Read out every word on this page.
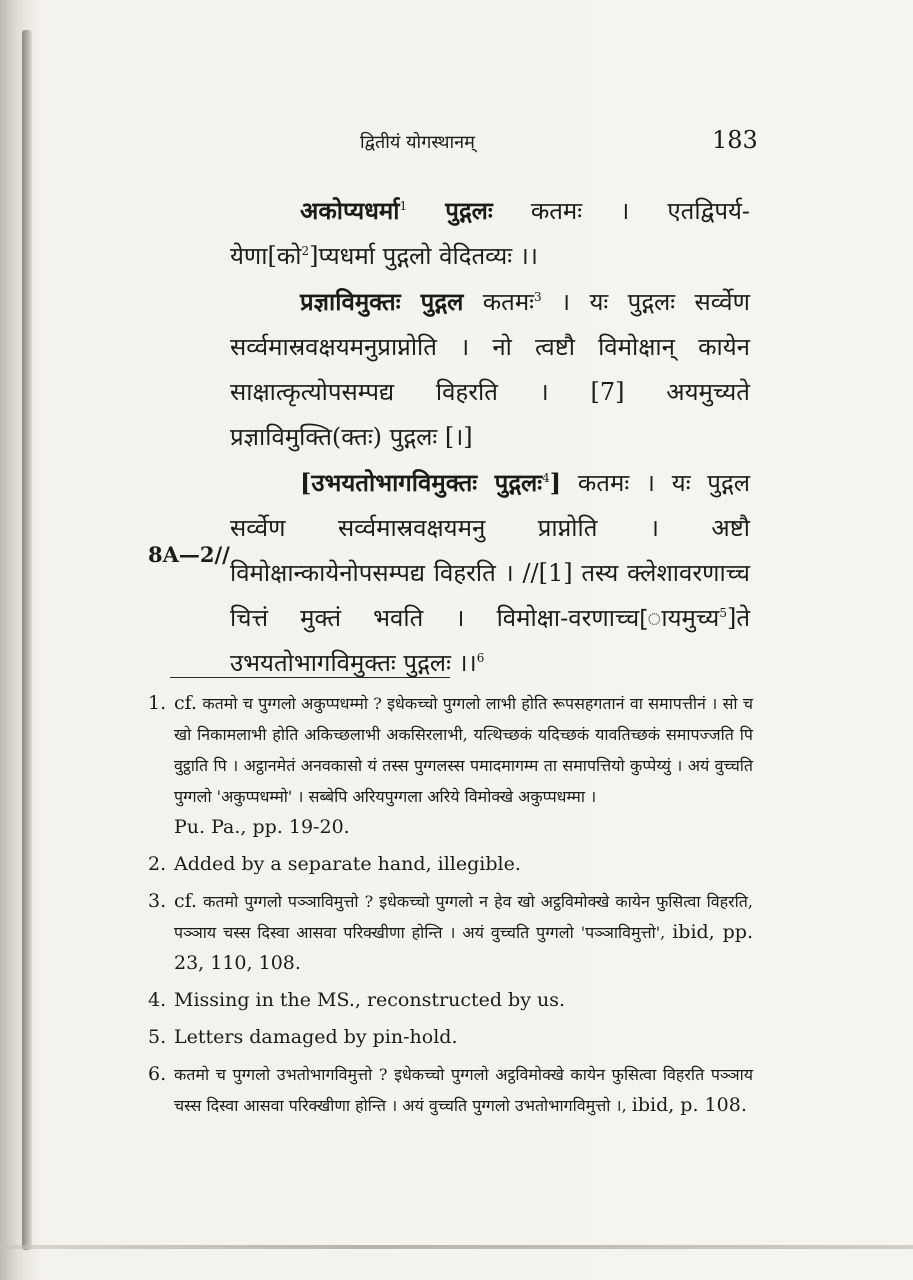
द्वितीयं योगस्थानम्	183
8A—2//

अकोप्यधर्मा$^1$ पुद्गलः कतमः । एतद्विपर्य-येणा[को$^2$]प्यधर्मा पुद्गलो वेदितव्यः ।।

प्रज्ञाविमुक्तः पुद्गल कतमः$^3$ । यः पुद्गलः सर्व्वेण सर्व्वमास्रवक्षयमनुप्राप्नोति । नो त्वष्टौ विमोक्षान् कायेन साक्षात्कृत्योपसम्पद्य विहरति । [7] अयमुच्यते प्रज्ञाविमुक्ति(क्तः) पुद्गलः [।]

[उभयतोभागविमुक्तः पुद्गलः$^4$] कतमः । यः पुद्गल सर्व्वेण सर्व्वमास्रवक्षयमनु प्राप्नोति । अष्टौ विमोक्षान्कायेनोपसम्पद्य विहरति । //[1] तस्य क्लेशावरणाच्च चित्तं मुक्तं भवति । विमोक्षा-वरणाच्च[ायमुच्य$^5$]ते उभयतोभागविमुक्तः पुद्गलः ।।$^6$

1. cf. कतमो च पुग्गलो अकुप्पधम्मो ? इधेकच्चो पुग्गलो लाभी होति रूपसहगतानं वा समापत्तीनं । सो च खो निकामलाभी होति अकिच्छलाभी अकसिरलाभी, यत्थिच्छकं यदिच्छकं यावतिच्छकं समापज्जति पि वुट्ठाति पि । अट्ठानमेतं अनवकासो यं तस्स पुग्गलस्स पमादमागम्म ता समापत्तियो कुप्पेय्युं । अयं वुच्चति पुग्गलो 'अकुप्पधम्मो' । सब्बेपि अरियपुग्गला अरिये विमोक्खे अकुप्पधम्मा ।
Pu. Pa., pp. 19-20.
2. Added by a separate hand, illegible.
3. cf. कतमो पुग्गलो पञ्ञाविमुत्तो ? इधेकच्चो पुग्गलो न हेव खो अट्ठविमोक्खे कायेन फुसित्वा विहरति, पञ्ञाय चस्स दिस्वा आसवा परिक्खीणा होन्ति । अयं वुच्चति पुग्गलो 'पञ्ञाविमुत्तो', ibid, pp. 23, 110, 108.
4. Missing in the MS., reconstructed by us.
5. Letters damaged by pin-hold.
6. कतमो च पुग्गलो उभतोभागविमुत्तो ? इधेकच्चो पुग्गलो अट्ठविमोक्खे कायेन फुसित्वा विहरति पञ्ञाय चस्स दिस्वा आसवा परिक्खीणा होन्ति । अयं वुच्चति पुग्गलो उभतोभागविमुत्तो ।, ibid, p. 108.
